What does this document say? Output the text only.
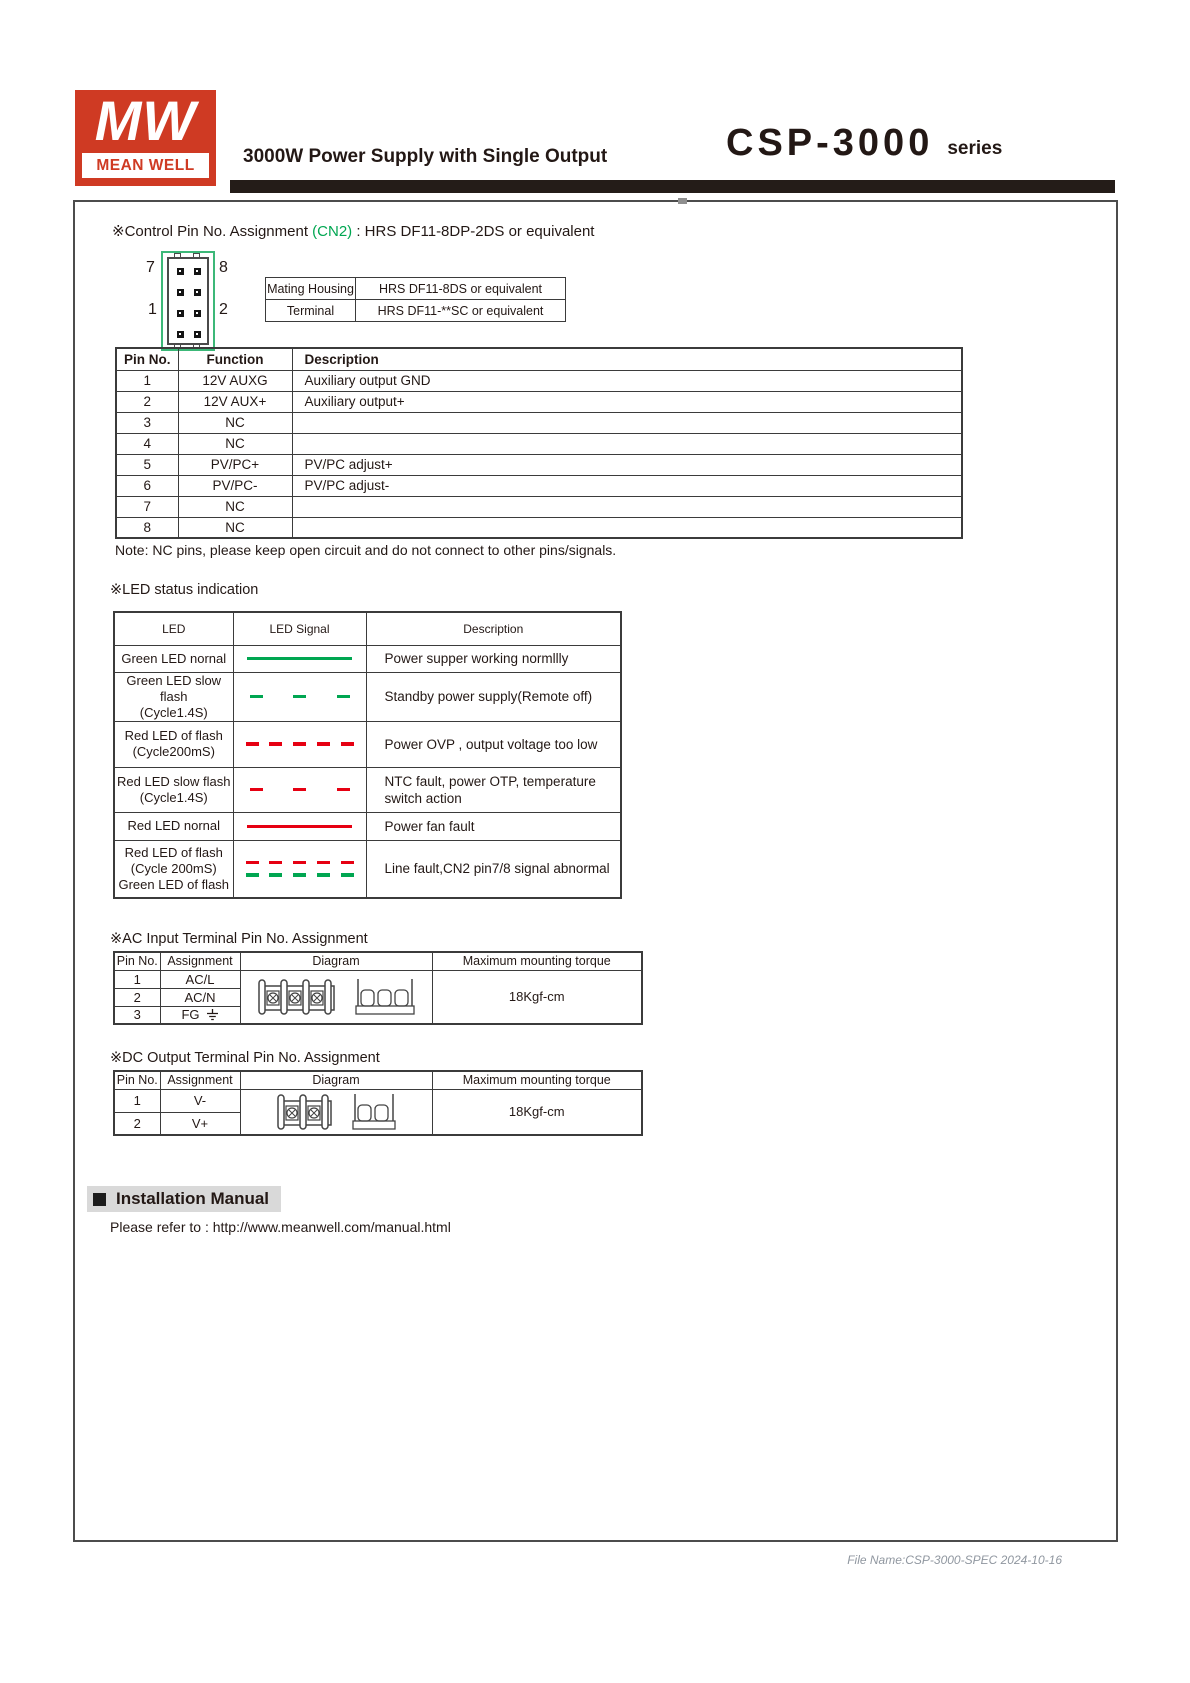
MW
MEAN WELL	3000W Power Supply with Single Output	CSP-3000 series
※Control Pin No. Assignment (CN2) : HRS DF11-8DP-2DS or equivalent
7	8
1	2
Mating Housing	HRS DF11-8DS or equivalent
Terminal	HRS DF11-**SC or equivalent
Pin No.	Function	Description
1	12V AUXG	Auxiliary output GND
2	12V AUX+	Auxiliary output+
3	NC	
4	NC	
5	PV/PC+	PV/PC adjust+
6	PV/PC-	PV/PC adjust-
7	NC	
8	NC	
Note: NC pins, please keep open circuit and do not connect to other pins/signals.
※LED status indication
LED	LED Signal	Description
Green LED nornal		Power supper working normllly

Green LED slow flash
(Cycle1.4S)		Standby power supply(Remote off)

Red LED of flash
(Cycle200mS)		Power OVP , output voltage too low

Red LED slow flash
(Cycle1.4S)		NTC fault, power OTP, temperature switch action
Red LED nornal		Power fan fault

Red LED of flash
(Cycle 200mS)
Green LED of flash		Line fault,CN2 pin7/8 signal abnormal
※AC Input Terminal Pin No. Assignment
Pin No.	Assignment	Diagram	Maximum mounting torque
1	AC/L		18Kgf-cm
2	AC/N		
3	FG		
※DC Output Terminal Pin No. Assignment
Pin No.	Assignment	Diagram	Maximum mounting torque
1	V-		18Kgf-cm
2	V+		
Installation Manual
Please refer to : http://www.meanwell.com/manual.html
File Name:CSP-3000-SPEC 2024-10-16
